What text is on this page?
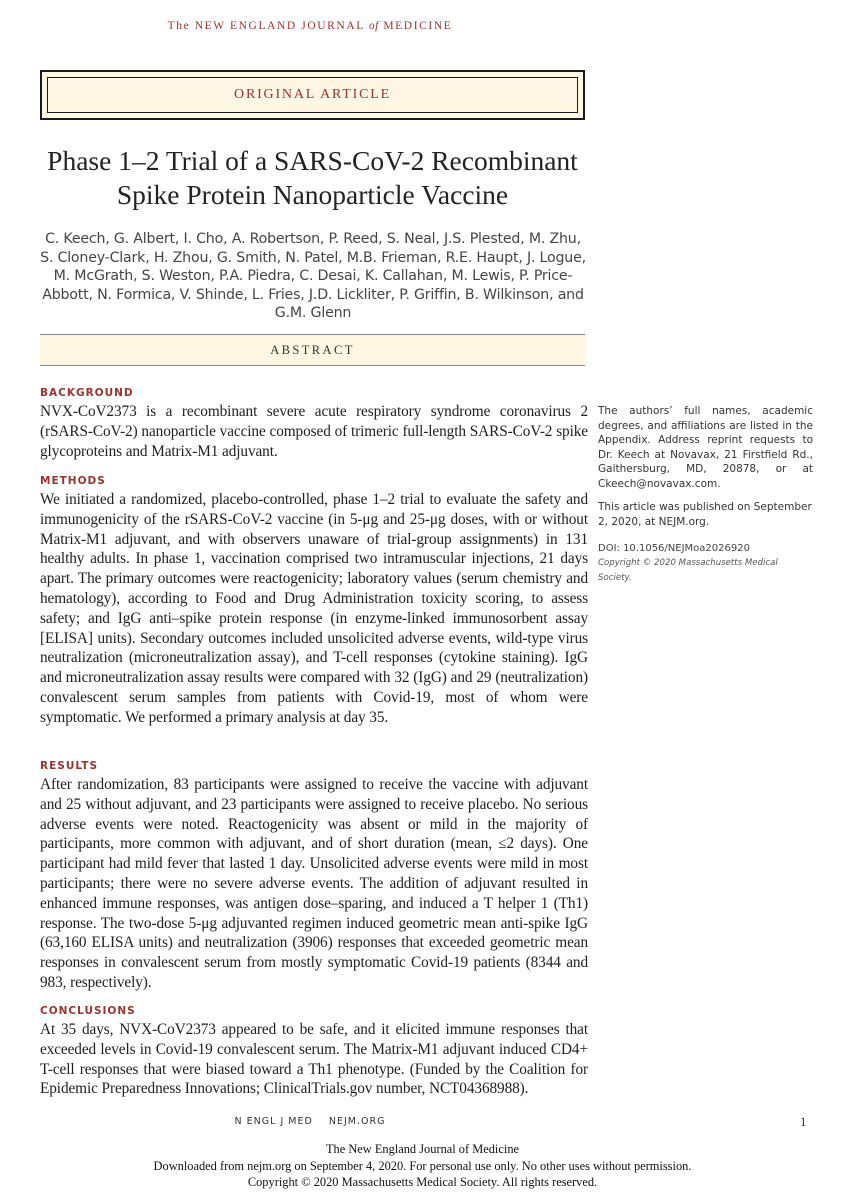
The NEW ENGLAND JOURNAL of MEDICINE
ORIGINAL ARTICLE
Phase 1–2 Trial of a SARS-CoV-2 Recombinant
Spike Protein Nanoparticle Vaccine
C. Keech, G. Albert, I. Cho, A. Robertson, P. Reed, S. Neal, J.S. Plested, M. Zhu, S. Cloney-Clark, H. Zhou, G. Smith, N. Patel, M.B. Frieman, R.E. Haupt, J. Logue, M. McGrath, S. Weston, P.A. Piedra, C. Desai, K. Callahan, M. Lewis, P. Price-Abbott, N. Formica, V. Shinde, L. Fries, J.D. Lickliter, P. Griffin, B. Wilkinson, and G.M. Glenn
ABSTRACT
BACKGROUND
NVX-CoV2373 is a recombinant severe acute respiratory syndrome coronavirus 2 (rSARS-CoV-2) nanoparticle vaccine composed of trimeric full-length SARS-CoV-2 spike glycoproteins and Matrix-M1 adjuvant.
METHODS
We initiated a randomized, placebo-controlled, phase 1–2 trial to evaluate the safety and immunogenicity of the rSARS-CoV-2 vaccine (in 5-μg and 25-μg doses, with or without Matrix-M1 adjuvant, and with observers unaware of trial-group assignments) in 131 healthy adults. In phase 1, vaccination comprised two intramuscular injections, 21 days apart. The primary outcomes were reactogenicity; laboratory values (serum chemistry and hematology), according to Food and Drug Administration toxicity scoring, to assess safety; and IgG anti–spike protein response (in enzyme-linked immunosorbent assay [ELISA] units). Secondary outcomes included unsolicited adverse events, wild-type virus neutralization (microneutralization assay), and T-cell responses (cytokine staining). IgG and microneutralization assay results were compared with 32 (IgG) and 29 (neutralization) convalescent serum samples from patients with Covid-19, most of whom were symptomatic. We performed a primary analysis at day 35.
RESULTS
After randomization, 83 participants were assigned to receive the vaccine with adjuvant and 25 without adjuvant, and 23 participants were assigned to receive placebo. No serious adverse events were noted. Reactogenicity was absent or mild in the majority of participants, more common with adjuvant, and of short duration (mean, ≤2 days). One participant had mild fever that lasted 1 day. Unsolicited adverse events were mild in most participants; there were no severe adverse events. The addition of adjuvant resulted in enhanced immune responses, was antigen dose–sparing, and induced a T helper 1 (Th1) response. The two-dose 5-μg adjuvanted regimen induced geometric mean anti-spike IgG (63,160 ELISA units) and neutralization (3906) responses that exceeded geometric mean responses in convalescent serum from mostly symptomatic Covid-19 patients (8344 and 983, respectively).
CONCLUSIONS
At 35 days, NVX-CoV2373 appeared to be safe, and it elicited immune responses that exceeded levels in Covid-19 convalescent serum. The Matrix-M1 adjuvant induced CD4+ T-cell responses that were biased toward a Th1 phenotype. (Funded by the Coalition for Epidemic Preparedness Innovations; ClinicalTrials.gov number, NCT04368988).
The authors’ full names, academic degrees, and affiliations are listed in the Appendix. Address reprint requests to Dr. Keech at Novavax, 21 Firstfield Rd., Gaithersburg, MD, 20878, or at Ckeech@novavax.com.
This article was published on September 2, 2020, at NEJM.org.
DOI: 10.1056/NEJMoa2026920
Copyright © 2020 Massachusetts Medical Society.
N ENGL J MED NEJM.ORG	1
The New England Journal of Medicine
Downloaded from nejm.org on September 4, 2020. For personal use only. No other uses without permission.
Copyright © 2020 Massachusetts Medical Society. All rights reserved.
